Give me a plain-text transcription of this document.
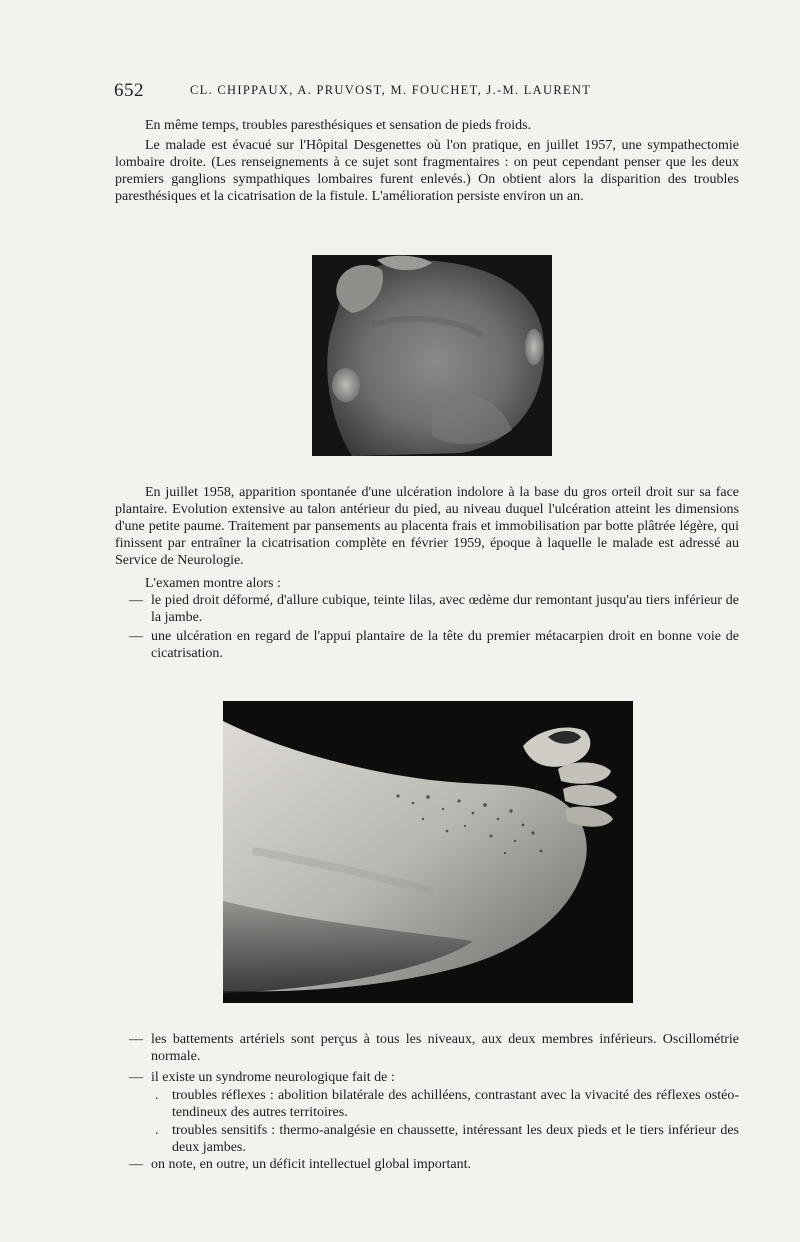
652	CL. CHIPPAUX, A. PRUVOST, M. FOUCHET, J.-M. LAURENT

En même temps, troubles paresthésiques et sensation de pieds froids.

Le malade est évacué sur l'Hôpital Desgenettes où l'on pratique, en juillet 1957, une sympathectomie lombaire droite. (Les renseignements à ce sujet sont fragmentaires : on peut cependant penser que les deux premiers ganglions sympathiques lombaires furent enlevés.) On obtient alors la disparition des troubles paresthésiques et la cicatrisation de la fistule. L'amélioration persiste environ un an.

En juillet 1958, apparition spontanée d'une ulcération indolore à la base du gros orteil droit sur sa face plantaire. Evolution extensive au talon antérieur du pied, au niveau duquel l'ulcération atteint les dimensions d'une petite paume. Traitement par pansements au placenta frais et immobilisation par botte plâtrée légère, qui finissent par entraîner la cicatrisation complète en février 1959, époque à laquelle le malade est adressé au Service de Neurologie.

L'examen montre alors :

— le pied droit déformé, d'allure cubique, teinte lilas, avec œdème dur remontant jusqu'au tiers inférieur de la jambe.
— une ulcération en regard de l'appui plantaire de la tête du premier métacarpien droit en bonne voie de cicatrisation.
— les battements artériels sont perçus à tous les niveaux, aux deux membres inférieurs. Oscillométrie normale.
— il existe un syndrome neurologique fait de :
. troubles réflexes : abolition bilatérale des achilléens, contrastant avec la vivacité des réflexes ostéo-tendineux des autres territoires.
. troubles sensitifs : thermo-analgésie en chaussette, intéressant les deux pieds et le tiers inférieur des deux jambes.
— on note, en outre, un déficit intellectuel global important.
